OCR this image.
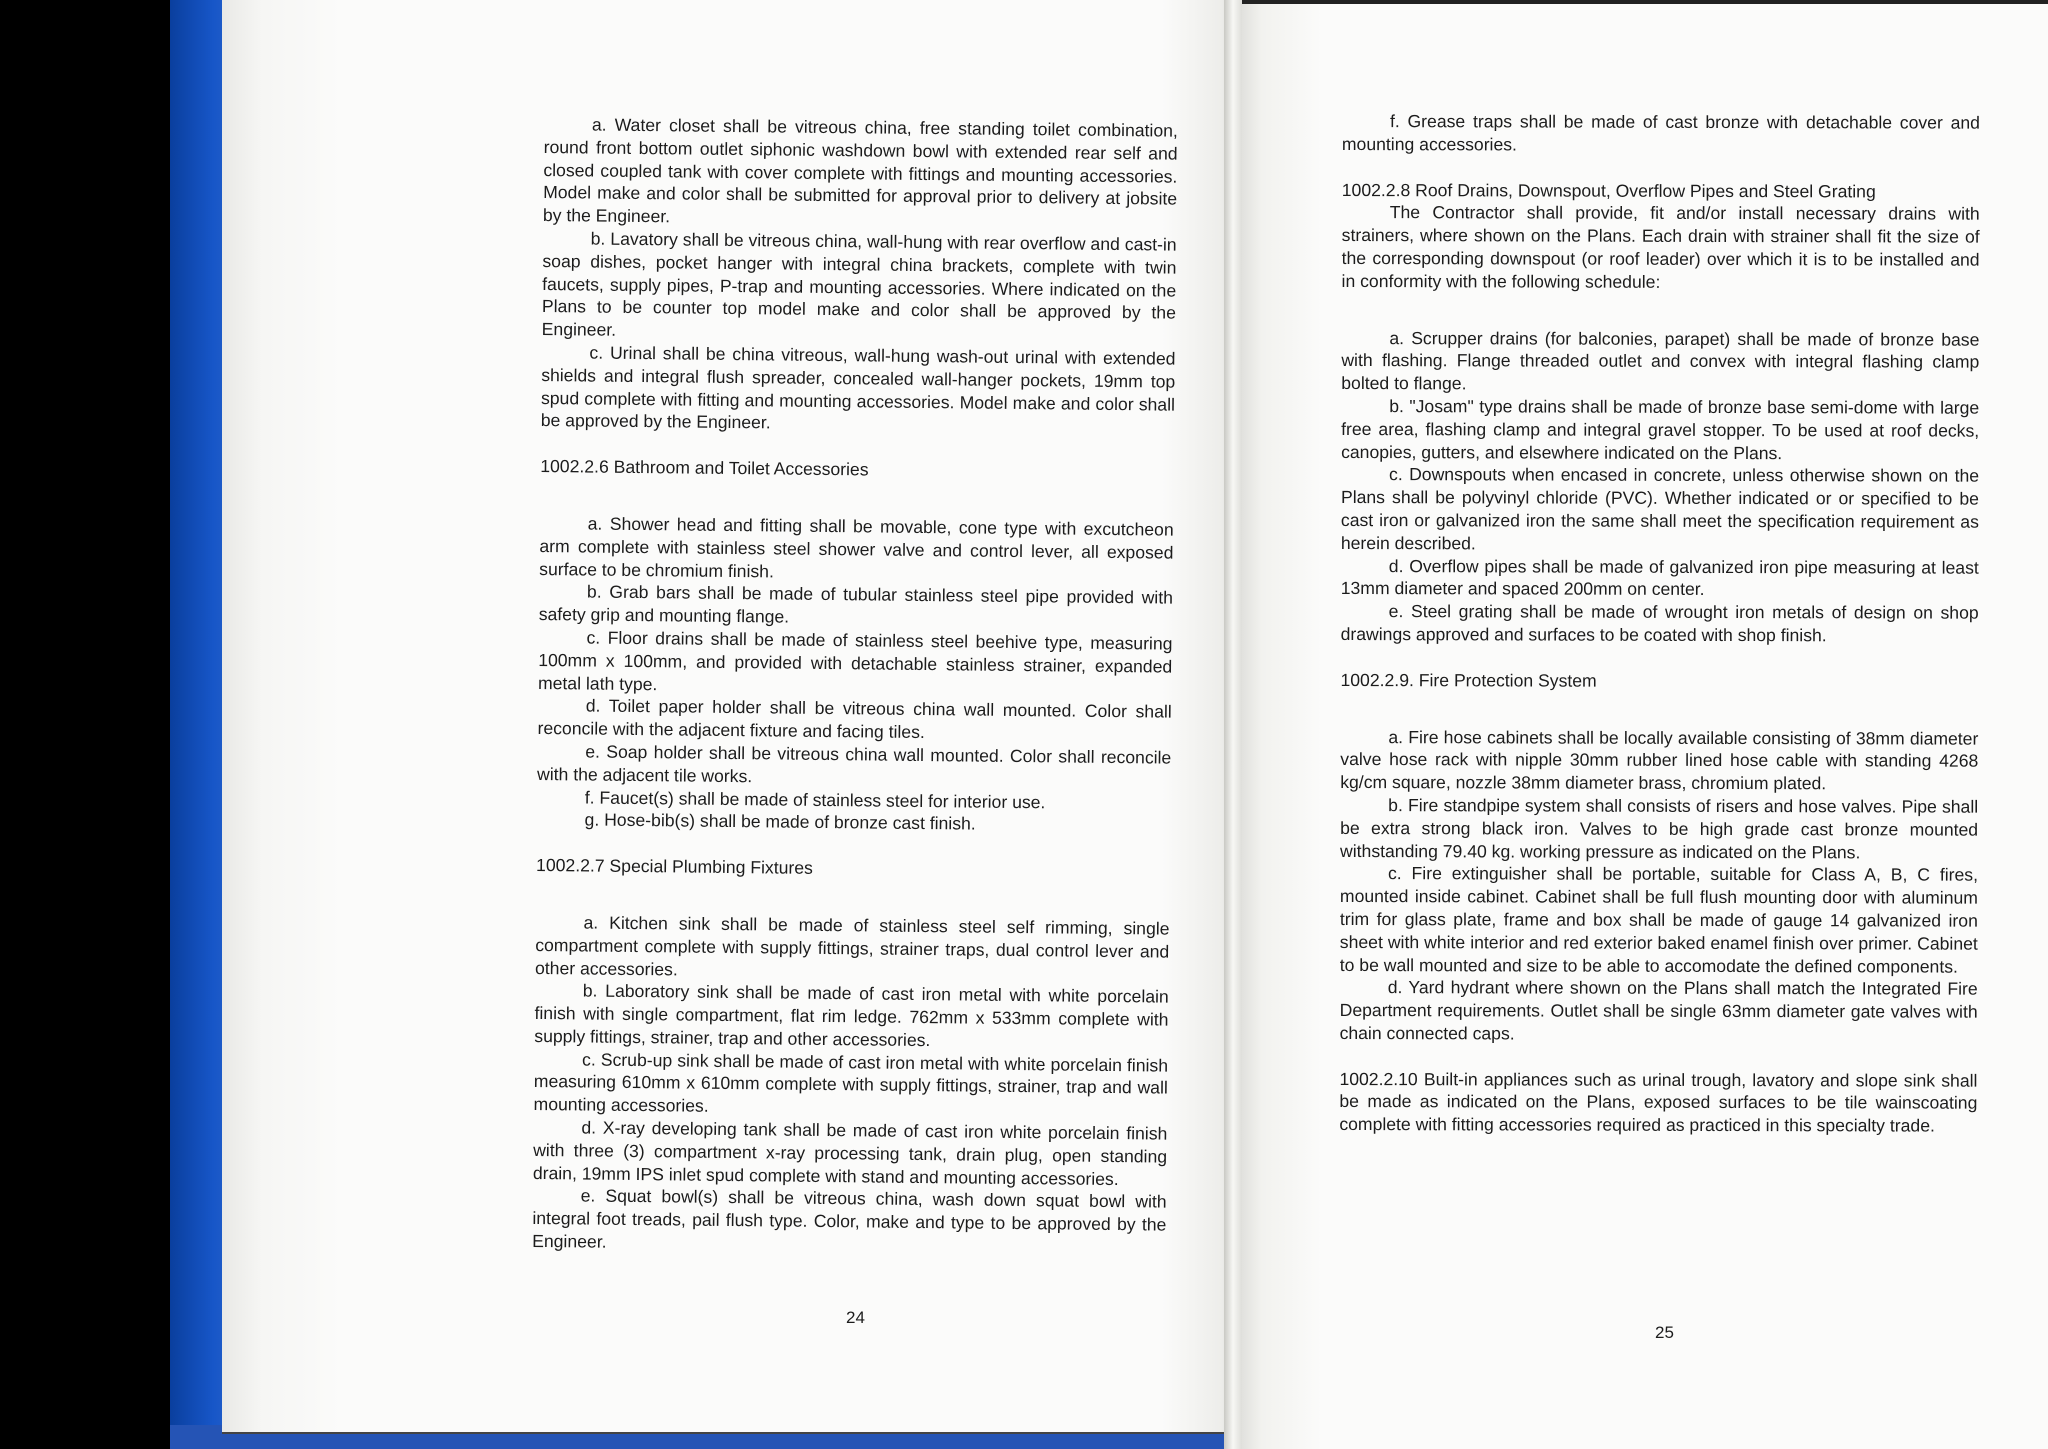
a. Water closet shall be vitreous china, free standing toilet combination, round front bottom outlet siphonic washdown bowl with extended rear self and closed coupled tank with cover complete with fittings and mounting accessories. Model make and color shall be submitted for approval prior to delivery at jobsite by the Engineer.

b. Lavatory shall be vitreous china, wall-hung with rear overflow and cast-in soap dishes, pocket hanger with integral china brackets, complete with twin faucets, supply pipes, P-trap and mounting accessories. Where indicated on the Plans to be counter top model make and color shall be approved by the Engineer.

c. Urinal shall be china vitreous, wall-hung wash-out urinal with extended shields and integral flush spreader, concealed wall-hanger pockets, 19mm top spud complete with fitting and mounting accessories. Model make and color shall be approved by the Engineer.

1002.2.6 Bathroom and Toilet Accessories

a. Shower head and fitting shall be movable, cone type with excutcheon arm complete with stainless steel shower valve and control lever, all exposed surface to be chromium finish.

b. Grab bars shall be made of tubular stainless steel pipe provided with safety grip and mounting flange.

c. Floor drains shall be made of stainless steel beehive type, measuring 100mm x 100mm, and provided with detachable stainless strainer, expanded metal lath type.

d. Toilet paper holder shall be vitreous china wall mounted. Color shall reconcile with the adjacent fixture and facing tiles.

e. Soap holder shall be vitreous china wall mounted. Color shall reconcile with the adjacent tile works.

f. Faucet(s) shall be made of stainless steel for interior use.

g. Hose-bib(s) shall be made of bronze cast finish.

1002.2.7 Special Plumbing Fixtures

a. Kitchen sink shall be made of stainless steel self rimming, single compartment complete with supply fittings, strainer traps, dual control lever and other accessories.

b. Laboratory sink shall be made of cast iron metal with white porcelain finish with single compartment, flat rim ledge. 762mm x 533mm complete with supply fittings, strainer, trap and other accessories.

c. Scrub-up sink shall be made of cast iron metal with white porcelain finish measuring 610mm x 610mm complete with supply fittings, strainer, trap and wall mounting accessories.

d. X-ray developing tank shall be made of cast iron white porcelain finish with three (3) compartment x-ray processing tank, drain plug, open standing drain, 19mm IPS inlet spud complete with stand and mounting accessories.

e. Squat bowl(s) shall be vitreous china, wash down squat bowl with integral foot treads, pail flush type. Color, make and type to be approved by the Engineer.

24

f. Grease traps shall be made of cast bronze with detachable cover and mounting accessories.

1002.2.8 Roof Drains, Downspout, Overflow Pipes and Steel Grating

The Contractor shall provide, fit and/or install necessary drains with strainers, where shown on the Plans. Each drain with strainer shall fit the size of the corresponding downspout (or roof leader) over which it is to be installed and in conformity with the following schedule:

a. Scrupper drains (for balconies, parapet) shall be made of bronze base with flashing. Flange threaded outlet and convex with integral flashing clamp bolted to flange.

b. "Josam" type drains shall be made of bronze base semi-dome with large free area, flashing clamp and integral gravel stopper. To be used at roof decks, canopies, gutters, and elsewhere indicated on the Plans.

c. Downspouts when encased in concrete, unless otherwise shown on the Plans shall be polyvinyl chloride (PVC). Whether indicated or or specified to be cast iron or galvanized iron the same shall meet the specification requirement as herein described.

d. Overflow pipes shall be made of galvanized iron pipe measuring at least 13mm diameter and spaced 200mm on center.

e. Steel grating shall be made of wrought iron metals of design on shop drawings approved and surfaces to be coated with shop finish.

1002.2.9. Fire Protection System

a. Fire hose cabinets shall be locally available consisting of 38mm diameter valve hose rack with nipple 30mm rubber lined hose cable with standing 4268 kg/cm square, nozzle 38mm diameter brass, chromium plated.

b. Fire standpipe system shall consists of risers and hose valves. Pipe shall be extra strong black iron. Valves to be high grade cast bronze mounted withstanding 79.40 kg. working pressure as indicated on the Plans.

c. Fire extinguisher shall be portable, suitable for Class A, B, C fires, mounted inside cabinet. Cabinet shall be full flush mounting door with aluminum trim for glass plate, frame and box shall be made of gauge 14 galvanized iron sheet with white interior and red exterior baked enamel finish over primer. Cabinet to be wall mounted and size to be able to accomodate the defined components.

d. Yard hydrant where shown on the Plans shall match the Integrated Fire Department requirements. Outlet shall be single 63mm diameter gate valves with chain connected caps.

1002.2.10 Built-in appliances such as urinal trough, lavatory and slope sink shall be made as indicated on the Plans, exposed surfaces to be tile wainscoating complete with fitting accessories required as practiced in this specialty trade.

25
